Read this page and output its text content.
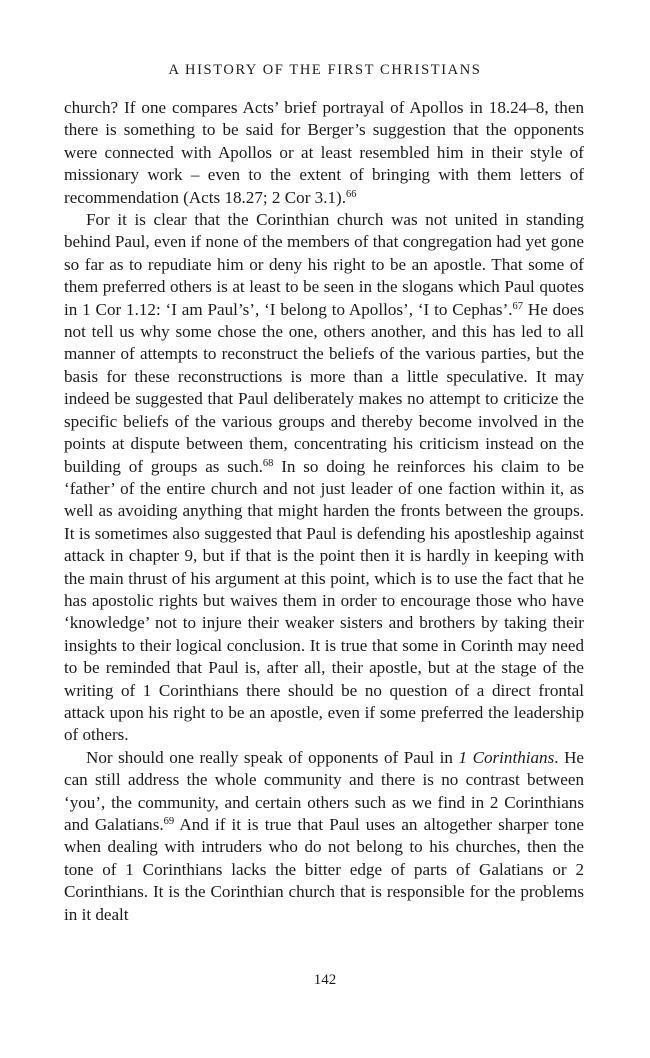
A HISTORY OF THE FIRST CHRISTIANS

church? If one compares Acts’ brief portrayal of Apollos in 18.24–8, then there is something to be said for Berger’s suggestion that the opponents were connected with Apollos or at least resembled him in their style of missionary work – even to the extent of bringing with them letters of recommendation (Acts 18.27; 2 Cor 3.1).$^{66}$

For it is clear that the Corinthian church was not united in standing behind Paul, even if none of the members of that congregation had yet gone so far as to repudiate him or deny his right to be an apostle. That some of them preferred others is at least to be seen in the slogans which Paul quotes in 1 Cor 1.12: ‘I am Paul’s’, ‘I belong to Apollos’, ‘I to Cephas’.$^{67}$ He does not tell us why some chose the one, others another, and this has led to all manner of attempts to reconstruct the beliefs of the various parties, but the basis for these reconstructions is more than a little speculative. It may indeed be suggested that Paul deliberately makes no attempt to criticize the specific beliefs of the various groups and thereby become involved in the points at dispute between them, concentrating his criticism instead on the building of groups as such.$^{68}$ In so doing he reinforces his claim to be ‘father’ of the entire church and not just leader of one faction within it, as well as avoiding anything that might harden the fronts between the groups. It is sometimes also suggested that Paul is defending his apostleship against attack in chapter 9, but if that is the point then it is hardly in keeping with the main thrust of his argument at this point, which is to use the fact that he has apostolic rights but waives them in order to encourage those who have ‘knowledge’ not to injure their weaker sisters and brothers by taking their insights to their logical conclusion. It is true that some in Corinth may need to be reminded that Paul is, after all, their apostle, but at the stage of the writing of 1 Corinthians there should be no question of a direct frontal attack upon his right to be an apostle, even if some preferred the leadership of others.

Nor should one really speak of opponents of Paul in 1 Corinthians. He can still address the whole community and there is no contrast between ‘you’, the community, and certain others such as we find in 2 Corinthians and Galatians.$^{69}$ And if it is true that Paul uses an altogether sharper tone when dealing with intruders who do not belong to his churches, then the tone of 1 Corinthians lacks the bitter edge of parts of Galatians or 2 Corinthians. It is the Corinthian church that is responsible for the problems in it dealt

142
